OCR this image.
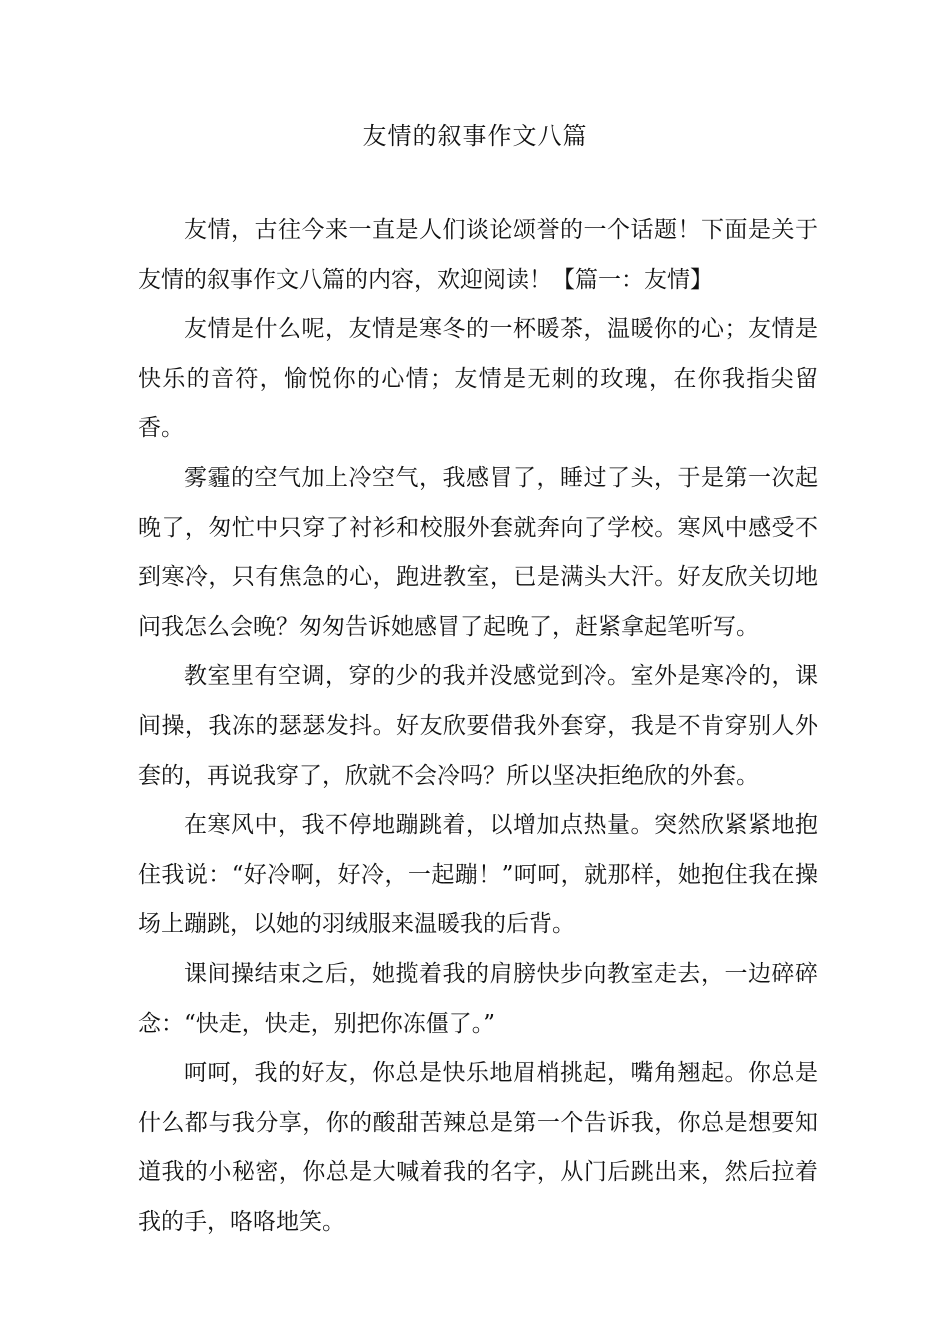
友情的叙事作文八篇

友情，古往今来一直是人们谈论颂誉的一个话题！下面是关于友情的叙事作文八篇的内容，欢迎阅读！【篇一：友情】

友情是什么呢，友情是寒冬的一杯暖茶，温暖你的心；友情是快乐的音符，愉悦你的心情；友情是无刺的玫瑰，在你我指尖留香。

雾霾的空气加上冷空气，我感冒了，睡过了头，于是第一次起晚了，匆忙中只穿了衬衫和校服外套就奔向了学校。寒风中感受不到寒冷，只有焦急的心，跑进教室，已是满头大汗。好友欣关切地问我怎么会晚？匆匆告诉她感冒了起晚了，赶紧拿起笔听写。

教室里有空调，穿的少的我并没感觉到冷。室外是寒冷的，课间操，我冻的瑟瑟发抖。好友欣要借我外套穿，我是不肯穿别人外套的，再说我穿了，欣就不会冷吗？所以坚决拒绝欣的外套。

在寒风中，我不停地蹦跳着，以增加点热量。突然欣紧紧地抱住我说：“好冷啊，好冷，一起蹦！”呵呵，就那样，她抱住我在操场上蹦跳，以她的羽绒服来温暖我的后背。

课间操结束之后，她揽着我的肩膀快步向教室走去，一边碎碎念：“快走，快走，别把你冻僵了。”

呵呵，我的好友，你总是快乐地眉梢挑起，嘴角翘起。你总是什么都与我分享，你的酸甜苦辣总是第一个告诉我，你总是想要知道我的小秘密，你总是大喊着我的名字，从门后跳出来，然后拉着我的手，咯咯地笑。
